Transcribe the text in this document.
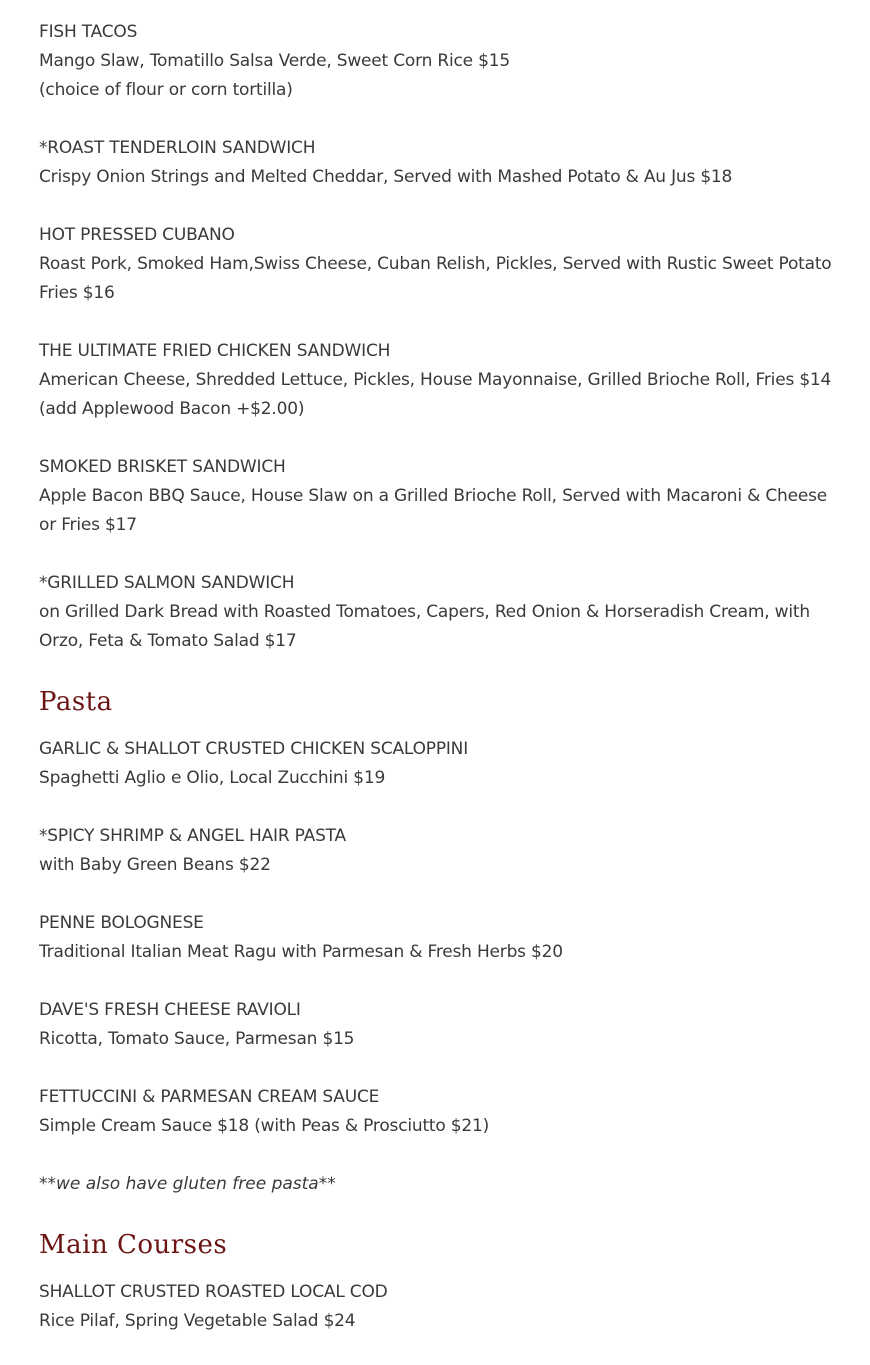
FISH TACOS
Mango Slaw, Tomatillo Salsa Verde, Sweet Corn Rice $15
(choice of flour or corn tortilla)
*ROAST TENDERLOIN SANDWICH
Crispy Onion Strings and Melted Cheddar, Served with Mashed Potato & Au Jus $18
HOT PRESSED CUBANO
Roast Pork, Smoked Ham,Swiss Cheese, Cuban Relish, Pickles, Served with Rustic Sweet Potato Fries $16
THE ULTIMATE FRIED CHICKEN SANDWICH
American Cheese, Shredded Lettuce, Pickles, House Mayonnaise, Grilled Brioche Roll, Fries $14
(add Applewood Bacon +$2.00)
SMOKED BRISKET SANDWICH
Apple Bacon BBQ Sauce, House Slaw on a Grilled Brioche Roll, Served with Macaroni & Cheese or Fries $17
*GRILLED SALMON SANDWICH
on Grilled Dark Bread with Roasted Tomatoes, Capers, Red Onion & Horseradish Cream, with Orzo, Feta & Tomato Salad $17
Pasta
GARLIC & SHALLOT CRUSTED CHICKEN SCALOPPINI
Spaghetti Aglio e Olio, Local Zucchini $19
*SPICY SHRIMP & ANGEL HAIR PASTA
with Baby Green Beans $22
PENNE BOLOGNESE
Traditional Italian Meat Ragu with Parmesan & Fresh Herbs $20
DAVE'S FRESH CHEESE RAVIOLI
Ricotta, Tomato Sauce, Parmesan $15
FETTUCCINI & PARMESAN CREAM SAUCE
Simple Cream Sauce $18 (with Peas & Prosciutto $21)
**we also have gluten free pasta**
Main Courses
SHALLOT CRUSTED ROASTED LOCAL COD
Rice Pilaf, Spring Vegetable Salad $24
